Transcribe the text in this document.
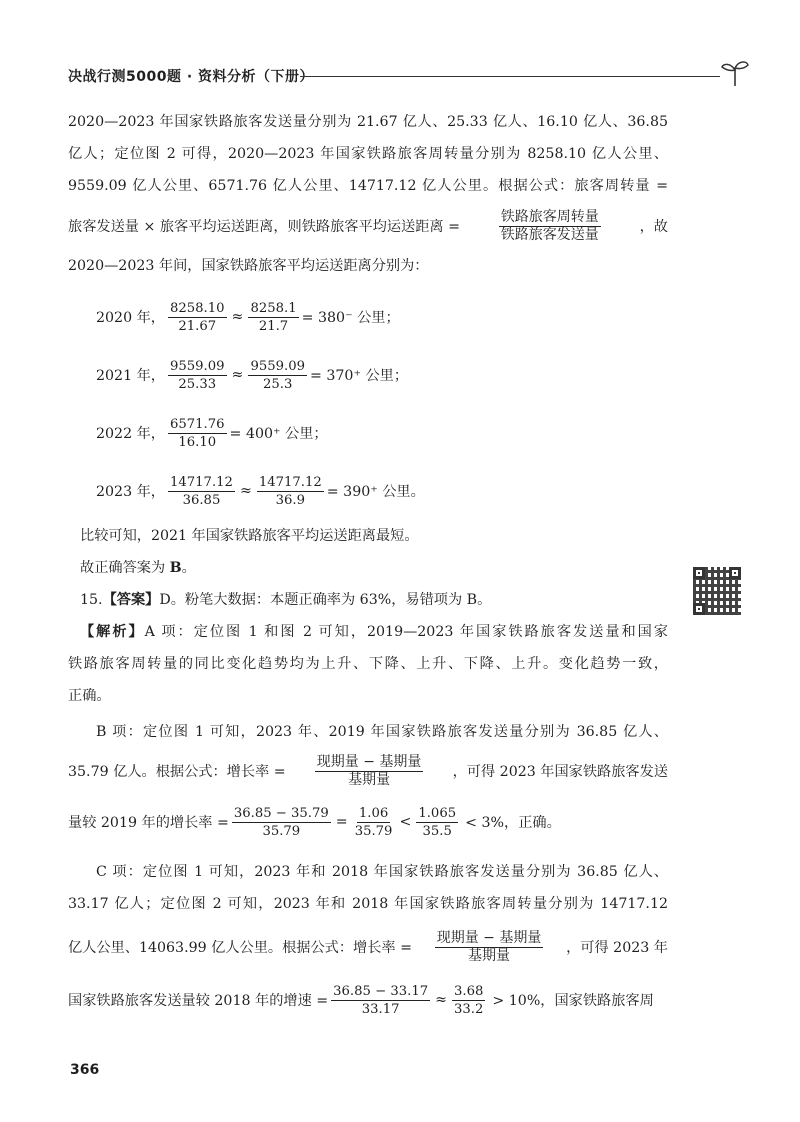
决战行测5000题 · 资料分析（下册）
2020—2023 年国家铁路旅客发送量分别为 21.67 亿人、25.33 亿人、16.10 亿人、36.85
亿人；定位图 2 可得，2020—2023 年国家铁路旅客周转量分别为 8258.10 亿人公里、
9559.09 亿人公里、6571.76 亿人公里、14717.12 亿人公里。根据公式：旅客周转量 =
旅客发送量 × 旅客平均运送距离，则铁路旅客平均运送距离 =	$\frac{\text{铁路旅客周转量}}{\text{铁路旅客发送量}}$	，故
2020—2023 年间，国家铁路旅客平均运送距离分别为：
2020 年， $\frac{8258.10}{21.67} \approx \frac{8258.1}{21.7} = 380^-$ 公里；
2021 年， $\frac{9559.09}{25.33} \approx \frac{9559.09}{25.3} = 370^+$ 公里；
2022 年， $\frac{6571.76}{16.10} = 400^+$ 公里；
2023 年， $\frac{14717.12}{36.85} \approx \frac{14717.12}{36.9} = 390^+$ 公里。
比较可知，2021 年国家铁路旅客平均运送距离最短。
故正确答案为 B。
15.【答案】D。粉笔大数据：本题正确率为 63%，易错项为 B。
【解析】A 项：定位图 1 和图 2 可知，2019—2023 年国家铁路旅客发送量和国家
铁路旅客周转量的同比变化趋势均为上升、下降、上升、下降、上升。变化趋势一致，
正确。
B 项：定位图 1 可知，2023 年、2019 年国家铁路旅客发送量分别为 36.85 亿人、
35.79 亿人。根据公式：增长率 = $\frac{\text{现期量 − 基期量}}{\text{基期量}}$ ，可得 2023 年国家铁路旅客发送
量较 2019 年的增长率 = $\frac{36.85 - 35.79}{35.79} = \frac{1.06}{35.79} < \frac{1.065}{35.5} < 3\%$，正确。
C 项：定位图 1 可知，2023 年和 2018 年国家铁路旅客发送量分别为 36.85 亿人、
33.17 亿人；定位图 2 可知，2023 年和 2018 年国家铁路旅客周转量分别为 14717.12
亿人公里、14063.99 亿人公里。根据公式：增长率 = $\frac{\text{现期量 − 基期量}}{\text{基期量}}$ ，可得 2023 年
国家铁路旅客发送量较 2018 年的增速 = $\frac{36.85 - 33.17}{33.17} \approx \frac{3.68}{33.2} > 10\%$，国家铁路旅客周
366
